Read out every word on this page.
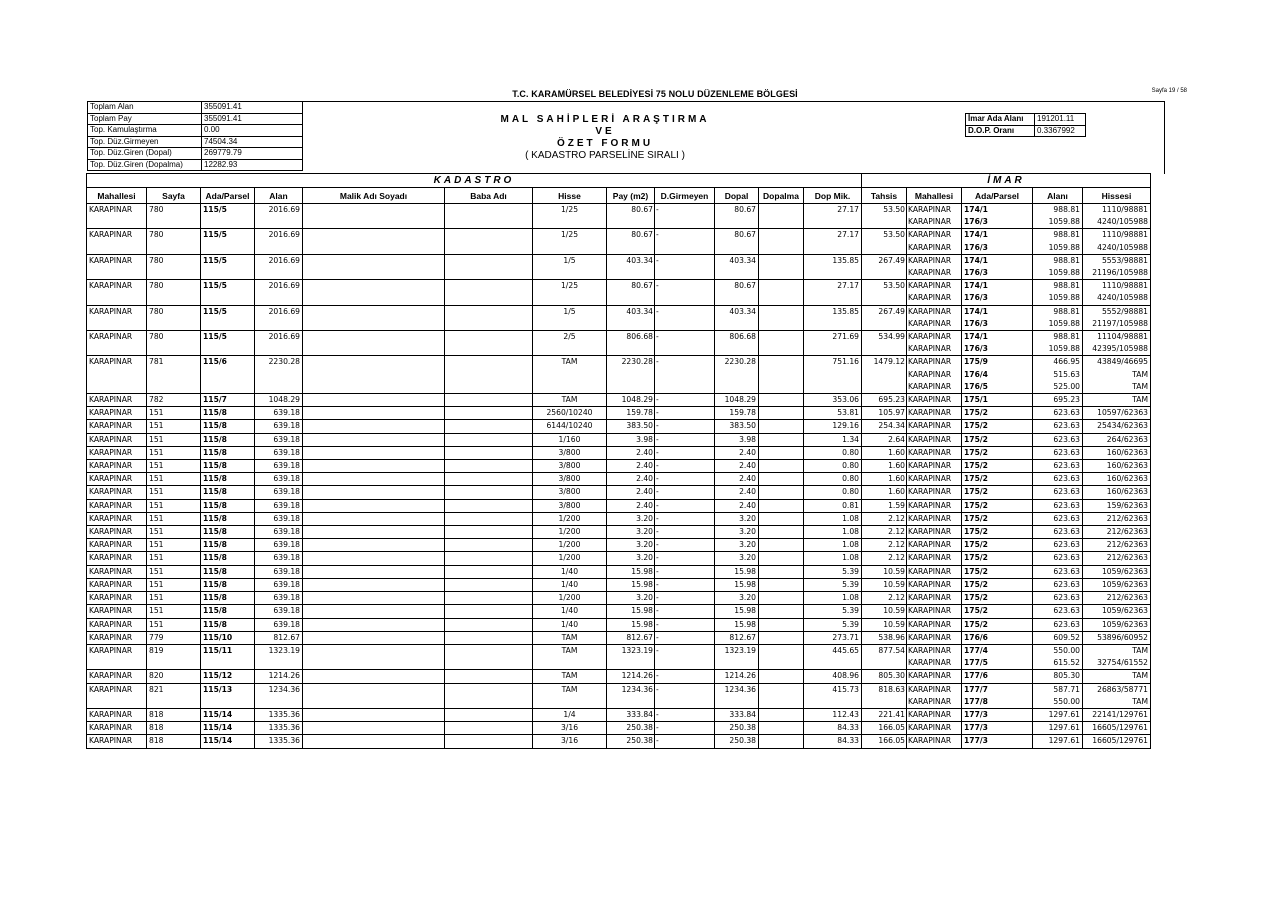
T.C. KARAMÜRSEL BELEDİYESİ 75 NOLU DÜZENLEME BÖLGESİ	Sayfa 19 / 58
Toplam Alan	355091.41
Toplam Pay	355091.41
Top. Kamulaştırma	0.00
Top. Düz.Girmeyen	74504.34
Top. Düz.Giren (Dopal)	269779.79
Top. Düz.Giren (Dopalma)	12282.93
MAL SAHİPLERİ ARAŞTIRMA
VE
ÖZET FORMU
( KADASTRO PARSELİNE SIRALI )
İmar Ada Alanı	191201.11
D.O.P. Oranı	0.3367992
KADASTRO												İMAR				
Mahallesi	Sayfa	Ada/Parsel	Alan	Malik Adı Soyadı	Baba Adı	Hisse	Pay (m2)	D.Girmeyen	Dopal	Dopalma	Dop Mik.	Tahsis	Mahallesi	Ada/Parsel	Alanı	Hissesi
KARAPINAR	780	115/5	2016.69			1/25	80.67	-	80.67		27.17	53.50	KARAPINAR	174/1	988.81	1110/98881
													KARAPINAR	176/3	1059.88	4240/105988
KARAPINAR	780	115/5	2016.69			1/25	80.67	-	80.67		27.17	53.50	KARAPINAR	174/1	988.81	1110/98881
													KARAPINAR	176/3	1059.88	4240/105988
KARAPINAR	780	115/5	2016.69			1/5	403.34	-	403.34		135.85	267.49	KARAPINAR	174/1	988.81	5553/98881
													KARAPINAR	176/3	1059.88	21196/105988
KARAPINAR	780	115/5	2016.69			1/25	80.67	-	80.67		27.17	53.50	KARAPINAR	174/1	988.81	1110/98881
													KARAPINAR	176/3	1059.88	4240/105988
KARAPINAR	780	115/5	2016.69			1/5	403.34	-	403.34		135.85	267.49	KARAPINAR	174/1	988.81	5552/98881
													KARAPINAR	176/3	1059.88	21197/105988
KARAPINAR	780	115/5	2016.69			2/5	806.68	-	806.68		271.69	534.99	KARAPINAR	174/1	988.81	11104/98881
													KARAPINAR	176/3	1059.88	42395/105988
KARAPINAR	781	115/6	2230.28			TAM	2230.28	-	2230.28		751.16	1479.12	KARAPINAR	175/9	466.95	43849/46695
													KARAPINAR	176/4	515.63	TAM
													KARAPINAR	176/5	525.00	TAM
KARAPINAR	782	115/7	1048.29			TAM	1048.29	-	1048.29		353.06	695.23	KARAPINAR	175/1	695.23	TAM
KARAPINAR	151	115/8	639.18			2560/10240	159.78	-	159.78		53.81	105.97	KARAPINAR	175/2	623.63	10597/62363
KARAPINAR	151	115/8	639.18			6144/10240	383.50	-	383.50		129.16	254.34	KARAPINAR	175/2	623.63	25434/62363
KARAPINAR	151	115/8	639.18			1/160	3.98	-	3.98		1.34	2.64	KARAPINAR	175/2	623.63	264/62363
KARAPINAR	151	115/8	639.18			3/800	2.40	-	2.40		0.80	1.60	KARAPINAR	175/2	623.63	160/62363
KARAPINAR	151	115/8	639.18			3/800	2.40	-	2.40		0.80	1.60	KARAPINAR	175/2	623.63	160/62363
KARAPINAR	151	115/8	639.18			3/800	2.40	-	2.40		0.80	1.60	KARAPINAR	175/2	623.63	160/62363
KARAPINAR	151	115/8	639.18			3/800	2.40	-	2.40		0.80	1.60	KARAPINAR	175/2	623.63	160/62363
KARAPINAR	151	115/8	639.18			3/800	2.40	-	2.40		0.81	1.59	KARAPINAR	175/2	623.63	159/62363
KARAPINAR	151	115/8	639.18			1/200	3.20	-	3.20		1.08	2.12	KARAPINAR	175/2	623.63	212/62363
KARAPINAR	151	115/8	639.18			1/200	3.20	-	3.20		1.08	2.12	KARAPINAR	175/2	623.63	212/62363
KARAPINAR	151	115/8	639.18			1/200	3.20	-	3.20		1.08	2.12	KARAPINAR	175/2	623.63	212/62363
KARAPINAR	151	115/8	639.18			1/200	3.20	-	3.20		1.08	2.12	KARAPINAR	175/2	623.63	212/62363
KARAPINAR	151	115/8	639.18			1/40	15.98	-	15.98		5.39	10.59	KARAPINAR	175/2	623.63	1059/62363
KARAPINAR	151	115/8	639.18			1/40	15.98	-	15.98		5.39	10.59	KARAPINAR	175/2	623.63	1059/62363
KARAPINAR	151	115/8	639.18			1/200	3.20	-	3.20		1.08	2.12	KARAPINAR	175/2	623.63	212/62363
KARAPINAR	151	115/8	639.18			1/40	15.98	-	15.98		5.39	10.59	KARAPINAR	175/2	623.63	1059/62363
KARAPINAR	151	115/8	639.18			1/40	15.98	-	15.98		5.39	10.59	KARAPINAR	175/2	623.63	1059/62363
KARAPINAR	779	115/10	812.67			TAM	812.67	-	812.67		273.71	538.96	KARAPINAR	176/6	609.52	53896/60952
KARAPINAR	819	115/11	1323.19			TAM	1323.19	-	1323.19		445.65	877.54	KARAPINAR	177/4	550.00	TAM
													KARAPINAR	177/5	615.52	32754/61552
KARAPINAR	820	115/12	1214.26			TAM	1214.26	-	1214.26		408.96	805.30	KARAPINAR	177/6	805.30	TAM
KARAPINAR	821	115/13	1234.36			TAM	1234.36	-	1234.36		415.73	818.63	KARAPINAR	177/7	587.71	26863/58771
													KARAPINAR	177/8	550.00	TAM
KARAPINAR	818	115/14	1335.36			1/4	333.84	-	333.84		112.43	221.41	KARAPINAR	177/3	1297.61	22141/129761
KARAPINAR	818	115/14	1335.36			3/16	250.38	-	250.38		84.33	166.05	KARAPINAR	177/3	1297.61	16605/129761
KARAPINAR	818	115/14	1335.36			3/16	250.38	-	250.38		84.33	166.05	KARAPINAR	177/3	1297.61	16605/129761
